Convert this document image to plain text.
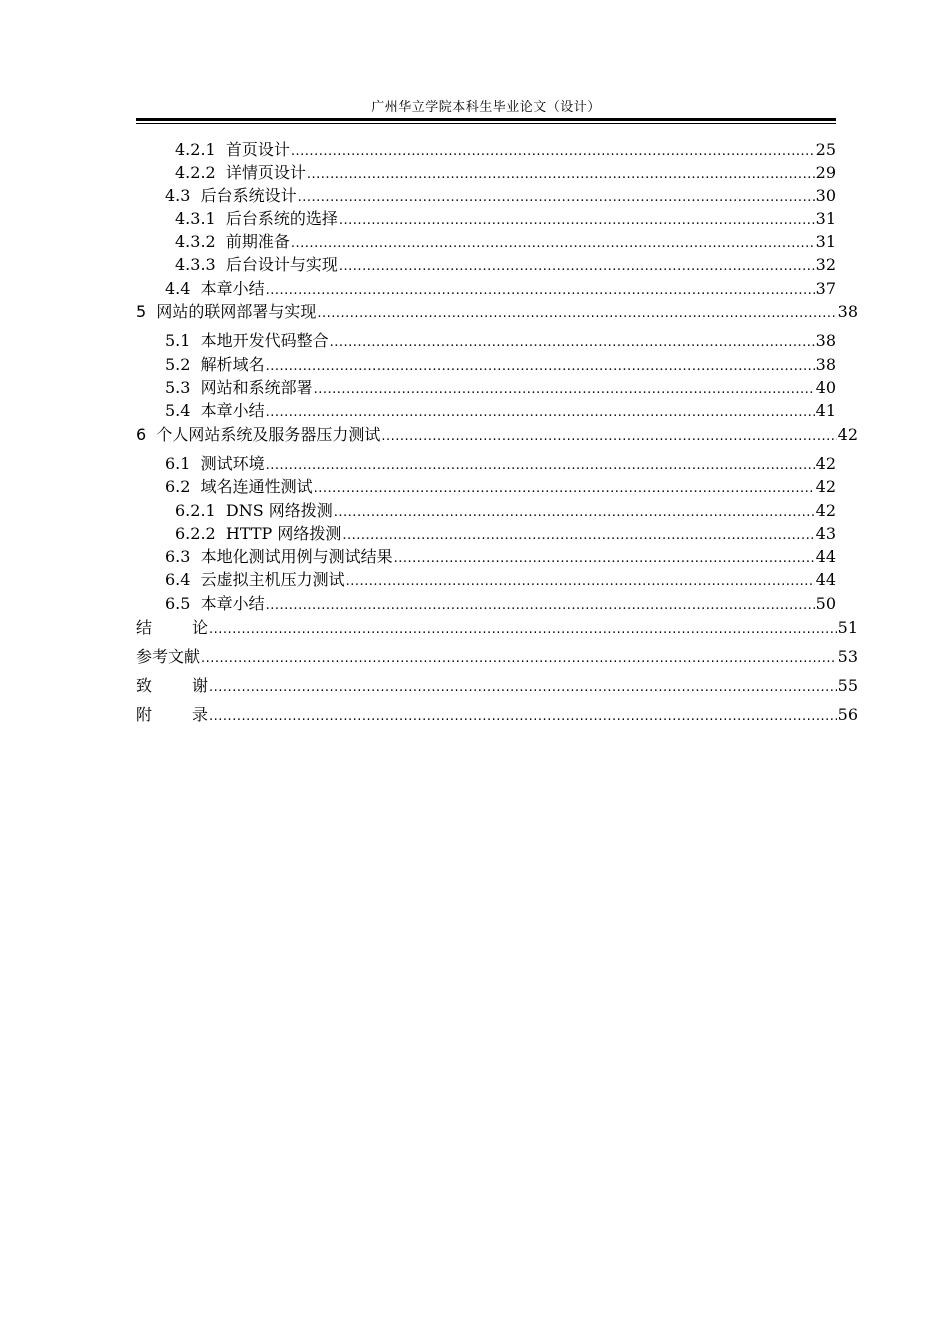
广州华立学院本科生毕业论文（设计）
4.2.1 首页设计 .....	25
4.2.2 详情页设计 .....	29
4.3 后台系统设计 .....	30
4.3.1 后台系统的选择 .....	31
4.3.2 前期准备 .....	31
4.3.3 后台设计与实现 .....	32
4.4 本章小结 .....	37
5 网站的联网部署与实现 .....	38
5.1 本地开发代码整合 .....	38
5.2 解析域名 .....	38
5.3 网站和系统部署 .....	40
5.4 本章小结 .....	41
6 个人网站系统及服务器压力测试 .....	42
6.1 测试环境 .....	42
6.2 域名连通性测试 .....	42
6.2.1 DNS 网络拨测 .....	42
6.2.2 HTTP 网络拨测 .....	43
6.3 本地化测试用例与测试结果 .....	44
6.4 云虚拟主机压力测试 .....	44
6.5 本章小结 .....	50
结	论 .....	51
参考文献 .....	53
致	谢 .....	55
附	录 .....	56
